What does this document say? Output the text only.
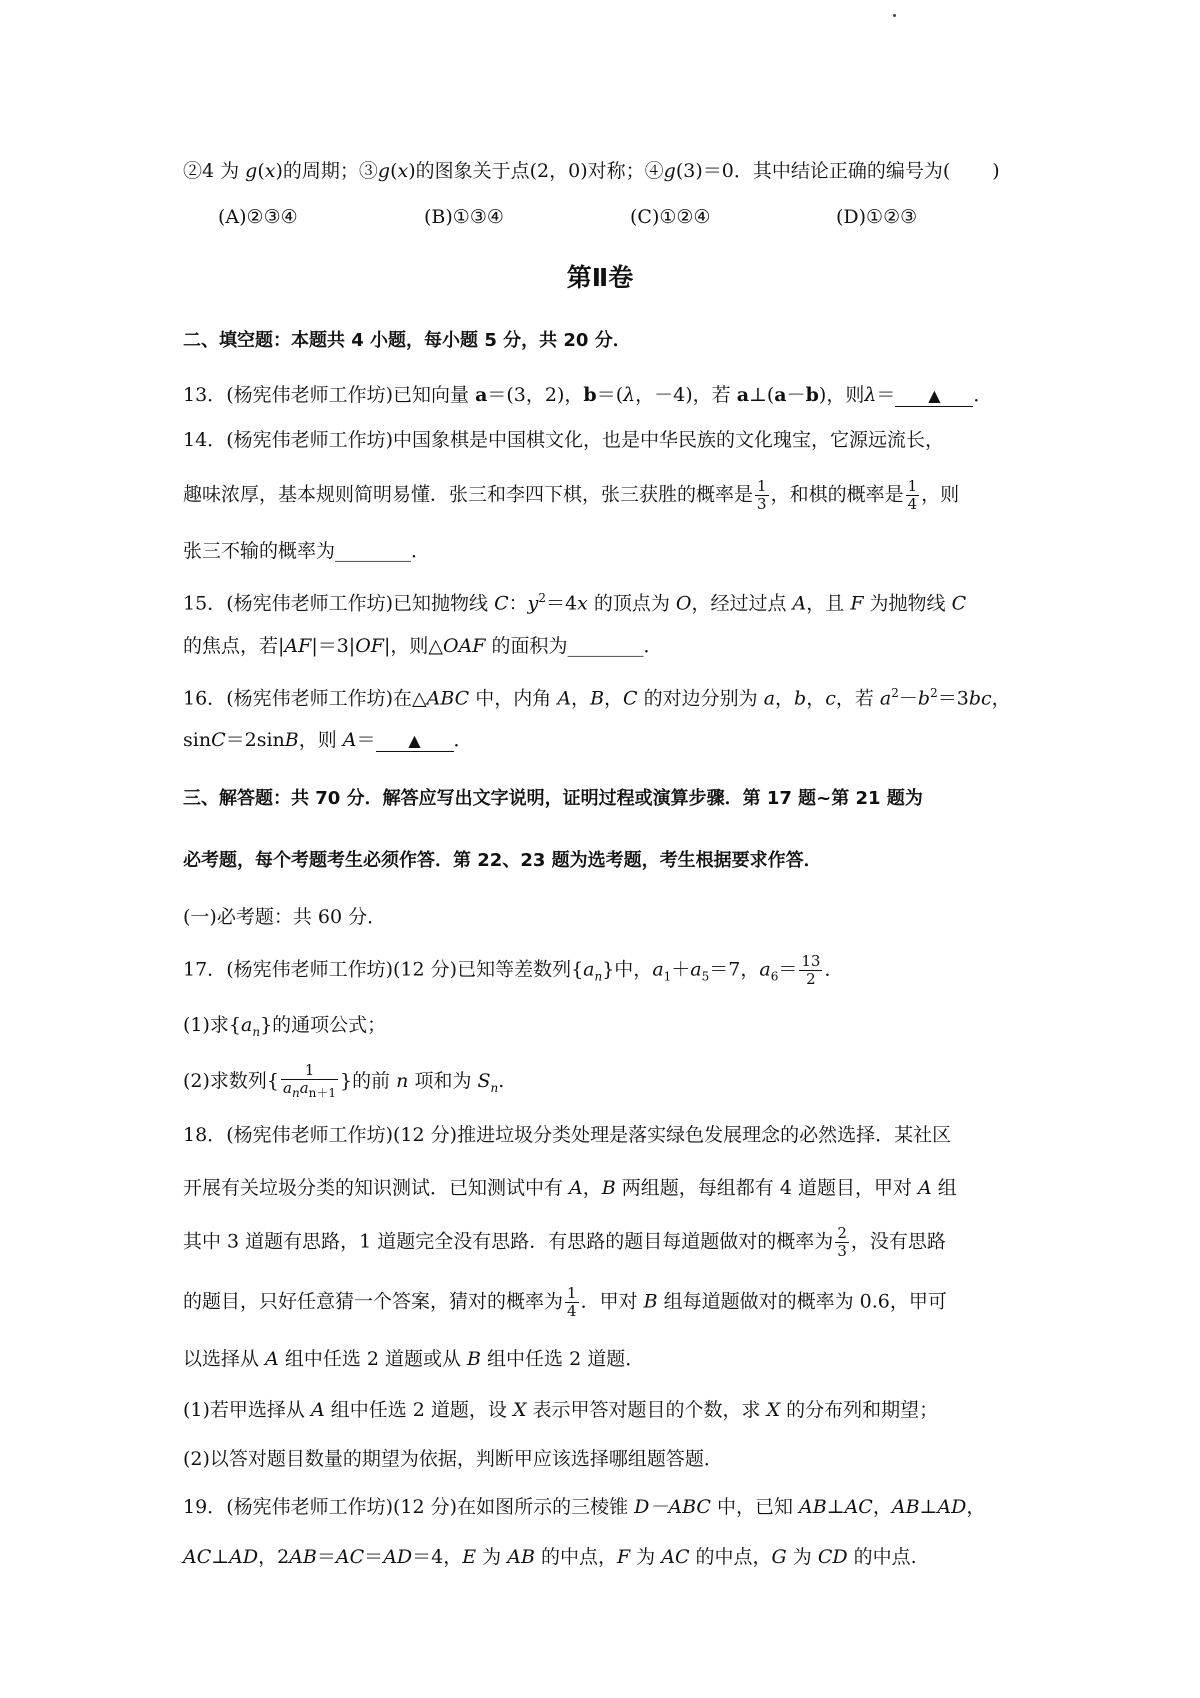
②4 为 g(x)的周期；③g(x)的图象关于点(2，0)对称；④g(3)＝0．其中结论正确的编号为( )
(A)②③④	(B)①③④	(C)①②④	(D)①②③
第Ⅱ卷
二、填空题：本题共 4 小题，每小题 5 分，共 20 分．
13．(杨宪伟老师工作坊)已知向量 a＝(3，2)，b＝(λ，－4)，若 a⊥(a－b)，则λ＝ ▲ ．
14．(杨宪伟老师工作坊)中国象棋是中国棋文化，也是中华民族的文化瑰宝，它源远流长，
趣味浓厚，基本规则简明易懂．张三和李四下棋，张三获胜的概率是 $\frac{1}{3}$ ，和棋的概率是 $\frac{1}{4}$ ，则
张三不输的概率为________．
15．(杨宪伟老师工作坊)已知抛物线 C：$y^2=4x$ 的顶点为 O，经过过点 A，且 F 为抛物线 C
的焦点，若|AF|＝3|OF|，则△OAF 的面积为________．
16．(杨宪伟老师工作坊)在△ABC 中，内角 A，B，C 的对边分别为 a，b，c，若 $a^2-b^2=3bc$，
sinC＝2sinB，则 A＝ ▲ ．
三、解答题：共 70 分．解答应写出文字说明，证明过程或演算步骤．第 17 题~第 21 题为
必考题，每个考题考生必须作答．第 22、23 题为选考题，考生根据要求作答．
(一)必考题：共 60 分．
17．(杨宪伟老师工作坊)(12 分)已知等差数列$\{a_n\}$中，$a_1+a_5=7$，$a_6= \frac{13}{2}$ ．
(1)求$\{a_n\}$的通项公式；
(2)求数列{ $\frac{1}{a_na_{n+1}}$ }的前 n 项和为 $S_n$.
18．(杨宪伟老师工作坊)(12 分)推进垃圾分类处理是落实绿色发展理念的必然选择．某社区
开展有关垃圾分类的知识测试．已知测试中有 A，B 两组题，每组都有 4 道题目，甲对 A 组
其中 3 道题有思路，1 道题完全没有思路．有思路的题目每道题做对的概率为 $\frac{2}{3}$ ，没有思路
的题目，只好任意猜一个答案，猜对的概率为 $\frac{1}{4}$ ．甲对 B 组每道题做对的概率为 0.6，甲可
以选择从 A 组中任选 2 道题或从 B 组中任选 2 道题．
(1)若甲选择从 A 组中任选 2 道题，设 X 表示甲答对题目的个数，求 X 的分布列和期望；
(2)以答对题目数量的期望为依据，判断甲应该选择哪组题答题．
19．(杨宪伟老师工作坊)(12 分)在如图所示的三棱锥 D－ABC 中，已知 AB⊥AC，AB⊥AD，
AC⊥AD，2AB＝AC＝AD＝4，E 为 AB 的中点，F 为 AC 的中点，G 为 CD 的中点.
